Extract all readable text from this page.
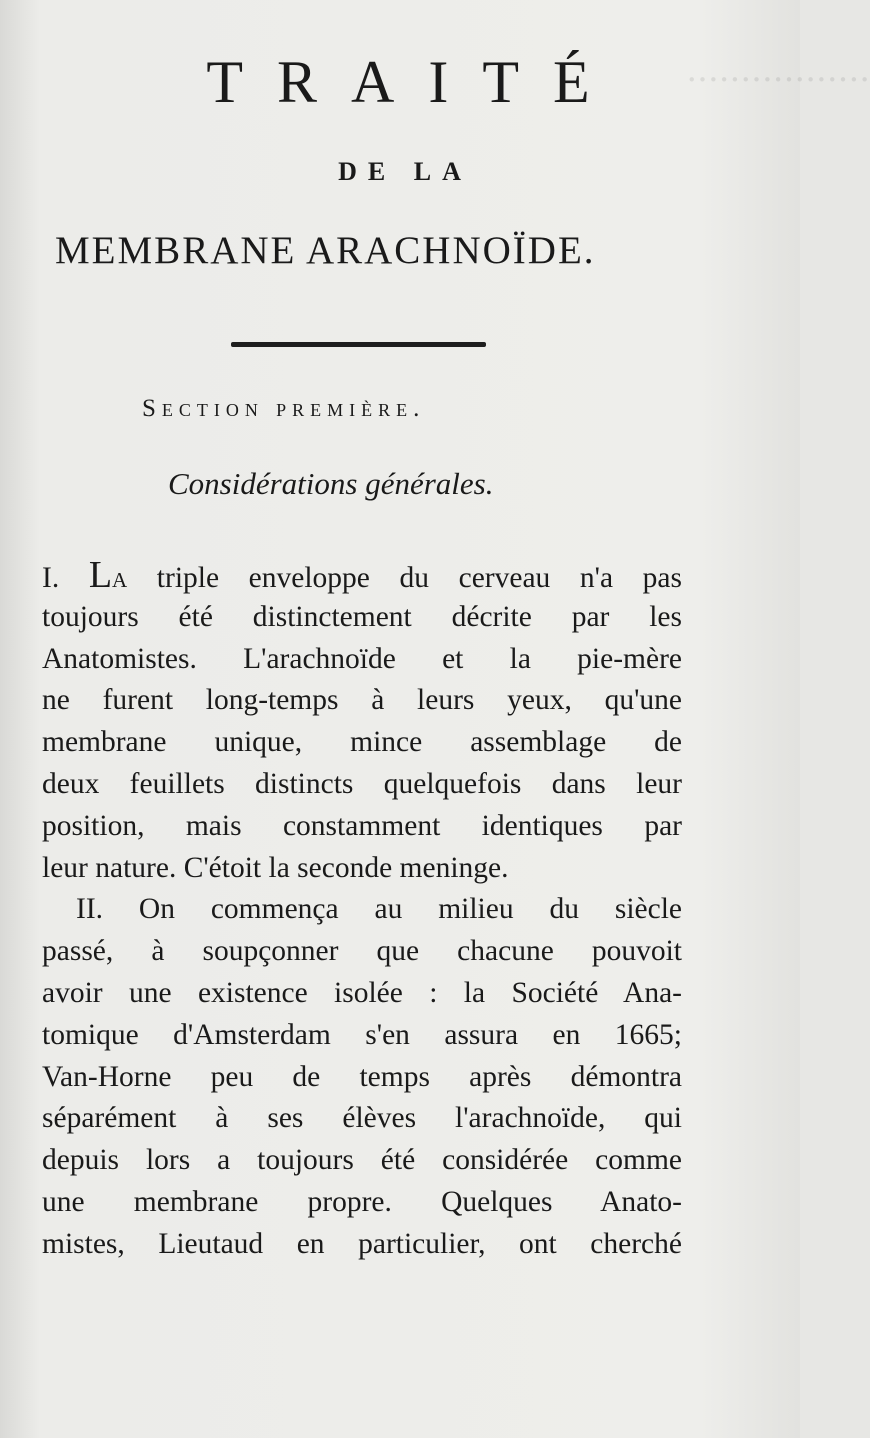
·················
TRAITÉ
DE LA
MEMBRANE ARACHNOÏDE.
Section première.
Considérations générales.
I. La triple enveloppe du cerveau n'a pas
toujours été distinctement décrite par les
Anatomistes. L'arachnoïde et la pie-mère
ne furent long-temps à leurs yeux, qu'une
membrane unique, mince assemblage de
deux feuillets distincts quelquefois dans leur
position, mais constamment identiques par
leur nature. C'étoit la seconde meninge.
II. On commença au milieu du siècle
passé, à soupçonner que chacune pouvoit
avoir une existence isolée : la Société Ana-
tomique d'Amsterdam s'en assura en 1665;
Van-Horne peu de temps après démontra
séparément à ses élèves l'arachnoïde, qui
depuis lors a toujours été considérée comme
une membrane propre. Quelques Anato-
mistes, Lieutaud en particulier, ont cherché
